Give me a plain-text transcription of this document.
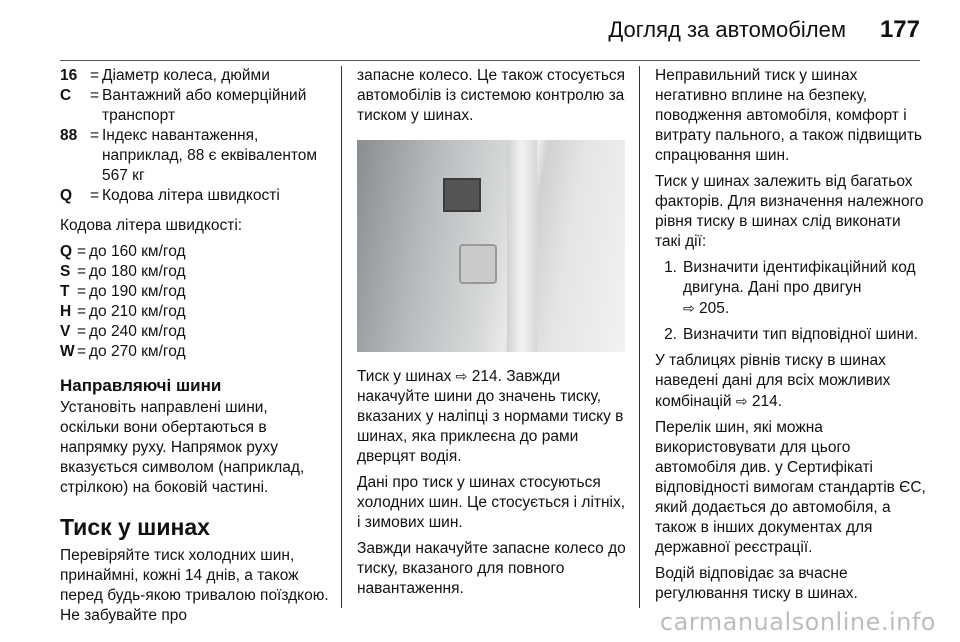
Догляд за автомобілем 177
16 = Діаметр колеса, дюйми
C	= Вантажний або комерційний транспорт
88 = Індекс навантаження, наприклад, 88 є еквівалентом 567 кг
Q	= Кодова літера швидкості

Кодова літера швидкості:

Q = до 160 км/год
S = до 180 км/год
T = до 190 км/год
H = до 210 км/год
V = до 240 км/год
W = до 270 км/год
Направляючі шини

Установіть направлені шини, оскільки вони обертаються в напрямку руху. Напрямок руху вказується символом (наприклад, стрілкою) на боковій частині.

Тиск у шинах

Перевіряйте тиск холодних шин, принаймні, кожні 14 днів, а також перед будь-якою тривалою поїздкою. Не забувайте про

запасне колесо. Це також стосується автомобілів із системою контролю за тиском у шинах.

Тиск у шинах ⇨ 214. Завжди накачуйте шини до значень тиску, вказаних у наліпці з нормами тиску в шинах, яка приклеєна до рами дверцят водія.

Дані про тиск у шинах стосуються холодних шин. Це стосується і літніх, і зимових шин.

Завжди накачуйте запасне колесо до тиску, вказаного для повного навантаження.

Неправильний тиск у шинах негативно вплине на безпеку, поводження автомобіля, комфорт і витрату пального, а також підвищить спрацювання шин.

Тиск у шинах залежить від багатьох факторів. Для визначення належного рівня тиску в шинах слід виконати такі дії:

1. Визначити ідентифікаційний код двигуна. Дані про двигун
⇨ 205.
2. Визначити тип відповідної шини.

У таблицях рівнів тиску в шинах наведені дані для всіх можливих комбінацій ⇨ 214.

Перелік шин, які можна використовувати для цього автомобіля див. у Сертифікаті відповідності вимогам стандартів ЄС, який додається до автомобіля, а також в інших документах для державної реєстрації.

Водій відповідає за вчасне регулювання тиску в шинах.

carmanualsonline.info
